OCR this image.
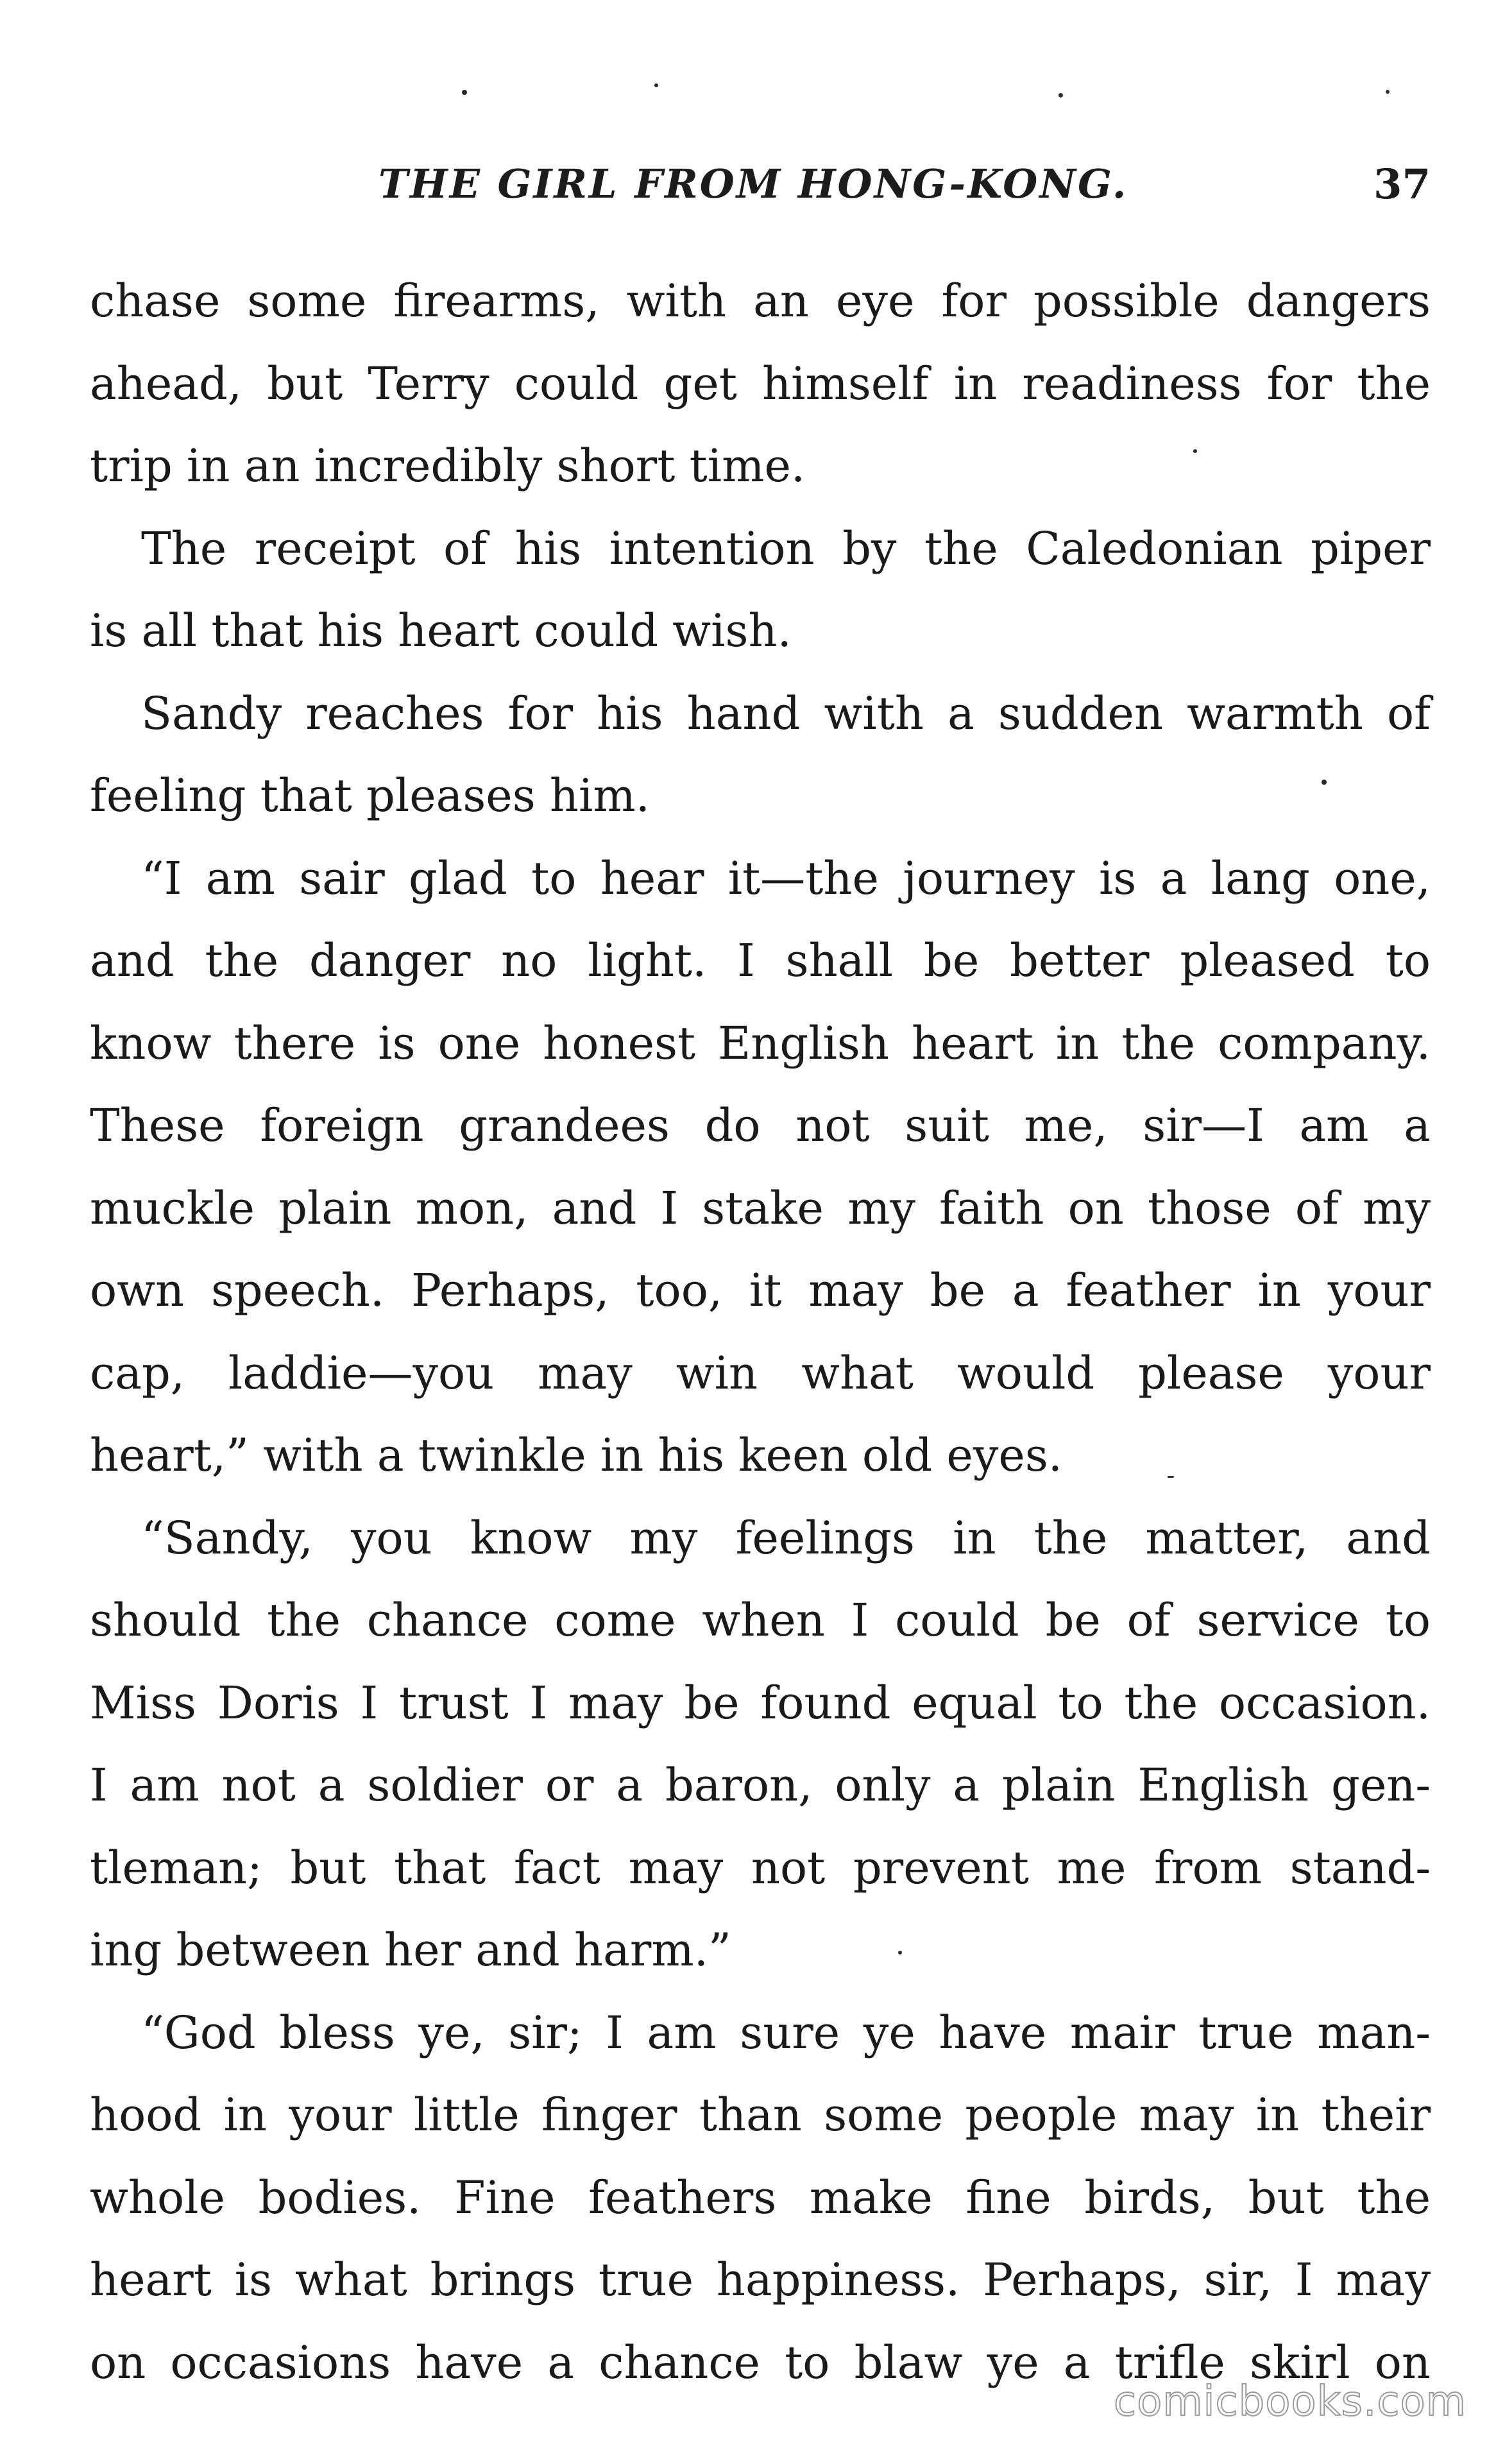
THE GIRL FROM HONG-KONG.	37
chase some firearms, with an eye for possible dangers
ahead, but Terry could get himself in readiness for the
trip in an incredibly short time.
The receipt of his intention by the Caledonian piper
is all that his heart could wish.
Sandy reaches for his hand with a sudden warmth of
feeling that pleases him.
“I am sair glad to hear it—the journey is a lang one,
and the danger no light. I shall be better pleased to
know there is one honest English heart in the company.
These foreign grandees do not suit me, sir—I am a
muckle plain mon, and I stake my faith on those of my
own speech. Perhaps, too, it may be a feather in your
cap, laddie—you may win what would please your
heart,” with a twinkle in his keen old eyes.
“Sandy, you know my feelings in the matter, and
should the chance come when I could be of service to
Miss Doris I trust I may be found equal to the occasion.
I am not a soldier or a baron, only a plain English gen-
tleman; but that fact may not prevent me from stand-
ing between her and harm.”
“God bless ye, sir; I am sure ye have mair true man-
hood in your little finger than some people may in their
whole bodies. Fine feathers make fine birds, but the
heart is what brings true happiness. Perhaps, sir, I may
on occasions have a chance to blaw ye a trifle skirl on
comicbooks.com
